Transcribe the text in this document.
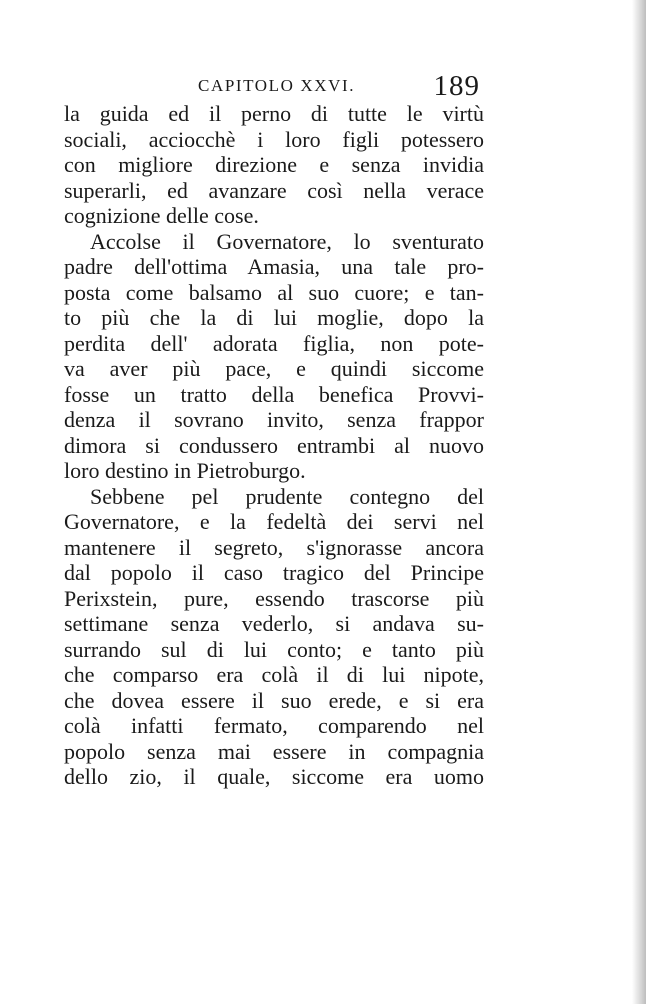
CAPITOLO XXVI.	189
la guida ed il perno di tutte le virtù
sociali, acciocchè i loro figli potessero
con migliore direzione e senza invidia
superarli, ed avanzare così nella verace
cognizione delle cose.
Accolse il Governatore, lo sventurato
padre dell'ottima Amasia, una tale pro-
posta come balsamo al suo cuore; e tan-
to più che la di lui moglie, dopo la
perdita dell' adorata figlia, non pote-
va aver più pace, e quindi siccome
fosse un tratto della benefica Provvi-
denza il sovrano invito, senza frappor
dimora si condussero entrambi al nuovo
loro destino in Pietroburgo.
Sebbene pel prudente contegno del
Governatore, e la fedeltà dei servi nel
mantenere il segreto, s'ignorasse ancora
dal popolo il caso tragico del Principe
Perixstein, pure, essendo trascorse più
settimane senza vederlo, si andava su-
surrando sul di lui conto; e tanto più
che comparso era colà il di lui nipote,
che dovea essere il suo erede, e si era
colà infatti fermato, comparendo nel
popolo senza mai essere in compagnia
dello zio, il quale, siccome era uomo
